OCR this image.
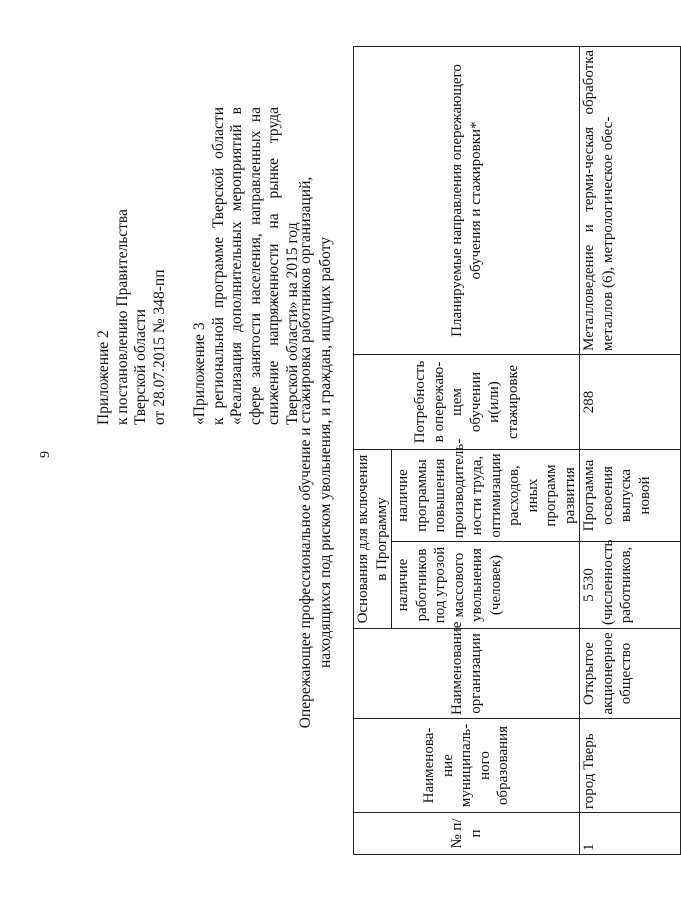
9
Приложение 2 к постановлению Правительства Тверской области от 28.07.2015 № 348-пп «Приложение 3 к региональной программе Тверской области «Реализация дополнительных мероприятий в сфере занятости населения, направленных на снижение напряженности на рынке труда Тверской области» на 2015 год
Опережающее профессиональное обучение и стажировка работников организаций, находящихся под риском увольнения, и граждан, ищущих работу
№ п/п	Наименова-ние муниципаль-ного образования	Наименование организации	Основания для включения в Программу		Потребность в опережаю-щем обучении и(или) стажировке	Планируемые направления опережающего обучения и стажировки*
			наличие работников под угрозой массового увольнения (человек)	наличие программы повышения производитель-ности труда, оптимизации расходов, иных программ развития		
1	город Тверь	Открытое акционерное общество	5 530 (численность работников,	Программа освоения выпуска новой	288	Металловедение и терми-ческая обработка металлов (6), метрологическое обес-
